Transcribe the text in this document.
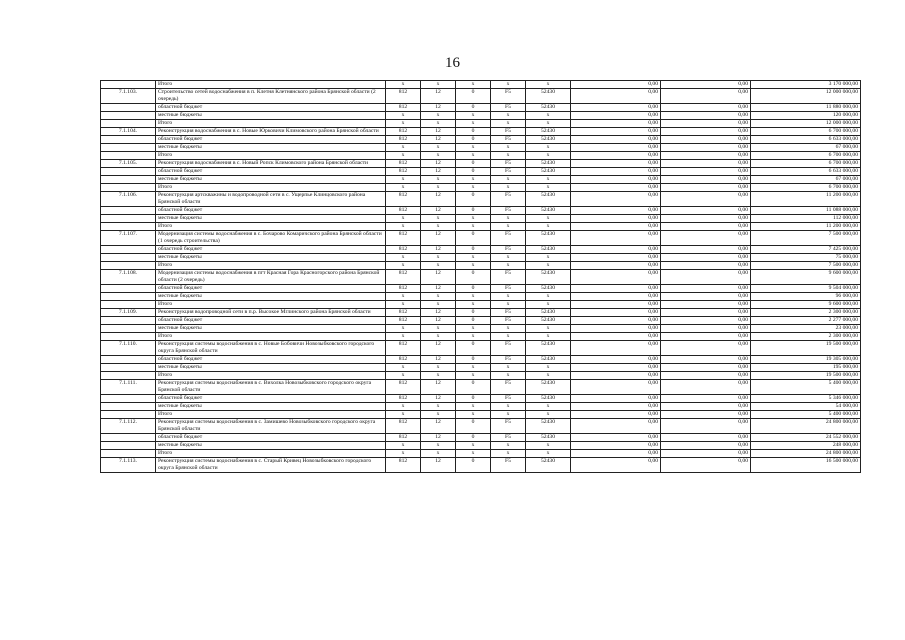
16
	Итого	x	x	x	x	x	0,00	0,00	3 170 000,00
7.1.103.	Строительство сетей водоснабжения в п. Клетня Клетнянского района Брянской области (2 очередь)	812	12	0	F5	52430	0,00	0,00	12 000 000,00
	областной бюджет	812	12	0	F5	52430	0,00	0,00	11 880 000,00
	местные бюджеты	x	x	x	x	x	0,00	0,00	120 000,00
	Итого	x	x	x	x	x	0,00	0,00	12 000 000,00
7.1.104.	Реконструкция водоснабжения в с. Новые Юрковичи Климовского района Брянской области	812	12	0	F5	52430	0,00	0,00	6 700 000,00
	областной бюджет	812	12	0	F5	52430	0,00	0,00	6 633 000,00
	местные бюджеты	x	x	x	x	x	0,00	0,00	67 000,00
	Итого	x	x	x	x	x	0,00	0,00	6 700 000,00
7.1.105.	Реконструкция водоснабжения в с. Новый Ропск Климовского района Брянской области	812	12	0	F5	52430	0,00	0,00	6 700 000,00
	областной бюджет	812	12	0	F5	52430	0,00	0,00	6 633 000,00
	местные бюджеты	x	x	x	x	x	0,00	0,00	67 000,00
	Итого	x	x	x	x	x	0,00	0,00	6 700 000,00
7.1.106.	Реконструкция артскважины и водопроводной сети в с. Ущерпье Клинцовского района Брянской области	812	12	0	F5	52430	0,00	0,00	11 200 000,00
	областной бюджет	812	12	0	F5	52430	0,00	0,00	11 088 000,00
	местные бюджеты	x	x	x	x	x	0,00	0,00	112 000,00
	Итого	x	x	x	x	x	0,00	0,00	11 200 000,00
7.1.107.	Модернизация системы водоснабжения в с. Бочарово Комаричского района Брянской области (1 очередь строительства)	812	12	0	F5	52430	0,00	0,00	7 500 000,00
	областной бюджет	812	12	0	F5	52430	0,00	0,00	7 425 000,00
	местные бюджеты	x	x	x	x	x	0,00	0,00	75 000,00
	Итого	x	x	x	x	x	0,00	0,00	7 500 000,00
7.1.108.	Модернизация системы водоснабжения в пгт Красная Гора Красногорского района Брянской области (2 очередь)	812	12	0	F5	52430	0,00	0,00	9 600 000,00
	областной бюджет	812	12	0	F5	52430	0,00	0,00	9 504 000,00
	местные бюджеты	x	x	x	x	x	0,00	0,00	96 000,00
	Итого	x	x	x	x	x	0,00	0,00	9 600 000,00
7.1.109.	Реконструкция водопроводной сети в п.р. Высокое Мглинского района Брянской области	812	12	0	F5	52430	0,00	0,00	2 300 000,00
	областной бюджет	812	12	0	F5	52430	0,00	0,00	2 277 000,00
	местные бюджеты	x	x	x	x	x	0,00	0,00	23 000,00
	Итого	x	x	x	x	x	0,00	0,00	2 300 000,00
7.1.110.	Реконструкция системы водоснабжения в с. Новые Бобовичи Новозыбковского городского округа Брянской области	812	12	0	F5	52430	0,00	0,00	19 500 000,00
	областной бюджет	812	12	0	F5	52430	0,00	0,00	19 305 000,00
	местные бюджеты	x	x	x	x	x	0,00	0,00	195 000,00
	Итого	x	x	x	x	x	0,00	0,00	19 500 000,00
7.1.111.	Реконструкция системы водоснабжения в с. Вихолка Новозыбковского городского округа Брянской области	812	12	0	F5	52430	0,00	0,00	5 400 000,00
	областной бюджет	812	12	0	F5	52430	0,00	0,00	5 346 000,00
	местные бюджеты	x	x	x	x	x	0,00	0,00	54 000,00
	Итого	x	x	x	x	x	0,00	0,00	5 400 000,00
7.1.112.	Реконструкция системы водоснабжения в с. Замишево Новозыбковского городского округа Брянской области	812	12	0	F5	52430	0,00	0,00	24 800 000,00
	областной бюджет	812	12	0	F5	52430	0,00	0,00	24 552 000,00
	местные бюджеты	x	x	x	x	x	0,00	0,00	248 000,00
	Итого	x	x	x	x	x	0,00	0,00	24 800 000,00
7.1.113.	Реконструкция системы водоснабжения в с. Старый Кривец Новозыбковского городского округа Брянской области	812	12	0	F5	52430	0,00	0,00	16 500 000,00
